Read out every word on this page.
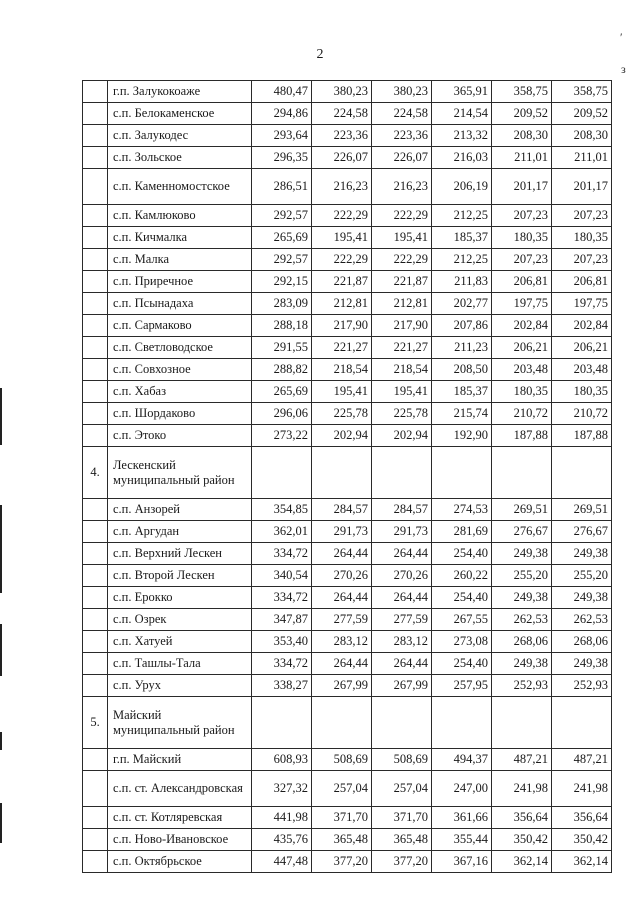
2
′
з
	г.п. Залукокоаже	480,47	380,23	380,23	365,91	358,75	358,75
	с.п. Белокаменское	294,86	224,58	224,58	214,54	209,52	209,52
	с.п. Залукодес	293,64	223,36	223,36	213,32	208,30	208,30
	с.п. Зольское	296,35	226,07	226,07	216,03	211,01	211,01
	с.п. Каменномостское	286,51	216,23	216,23	206,19	201,17	201,17
	с.п. Камлюково	292,57	222,29	222,29	212,25	207,23	207,23
	с.п. Кичмалка	265,69	195,41	195,41	185,37	180,35	180,35
	с.п. Малка	292,57	222,29	222,29	212,25	207,23	207,23
	с.п. Приречное	292,15	221,87	221,87	211,83	206,81	206,81
	с.п. Псынадаха	283,09	212,81	212,81	202,77	197,75	197,75
	с.п. Сармаково	288,18	217,90	217,90	207,86	202,84	202,84
	с.п. Светловодское	291,55	221,27	221,27	211,23	206,21	206,21
	с.п. Совхозное	288,82	218,54	218,54	208,50	203,48	203,48
	с.п. Хабаз	265,69	195,41	195,41	185,37	180,35	180,35
	с.п. Шордаково	296,06	225,78	225,78	215,74	210,72	210,72
	с.п. Этоко	273,22	202,94	202,94	192,90	187,88	187,88
4.	Лескенский муниципальный район						
	с.п. Анзорей	354,85	284,57	284,57	274,53	269,51	269,51
	с.п. Аргудан	362,01	291,73	291,73	281,69	276,67	276,67
	с.п. Верхний Лескен	334,72	264,44	264,44	254,40	249,38	249,38
	с.п. Второй Лескен	340,54	270,26	270,26	260,22	255,20	255,20
	с.п. Ерокко	334,72	264,44	264,44	254,40	249,38	249,38
	с.п. Озрек	347,87	277,59	277,59	267,55	262,53	262,53
	с.п. Хатуей	353,40	283,12	283,12	273,08	268,06	268,06
	с.п. Ташлы-Тала	334,72	264,44	264,44	254,40	249,38	249,38
	с.п. Урух	338,27	267,99	267,99	257,95	252,93	252,93
5.	Майский муниципальный район						
	г.п. Майский	608,93	508,69	508,69	494,37	487,21	487,21
	с.п. ст. Александровская	327,32	257,04	257,04	247,00	241,98	241,98
	с.п. ст. Котляревская	441,98	371,70	371,70	361,66	356,64	356,64
	с.п. Ново-Ивановское	435,76	365,48	365,48	355,44	350,42	350,42
	с.п. Октябрьское	447,48	377,20	377,20	367,16	362,14	362,14
